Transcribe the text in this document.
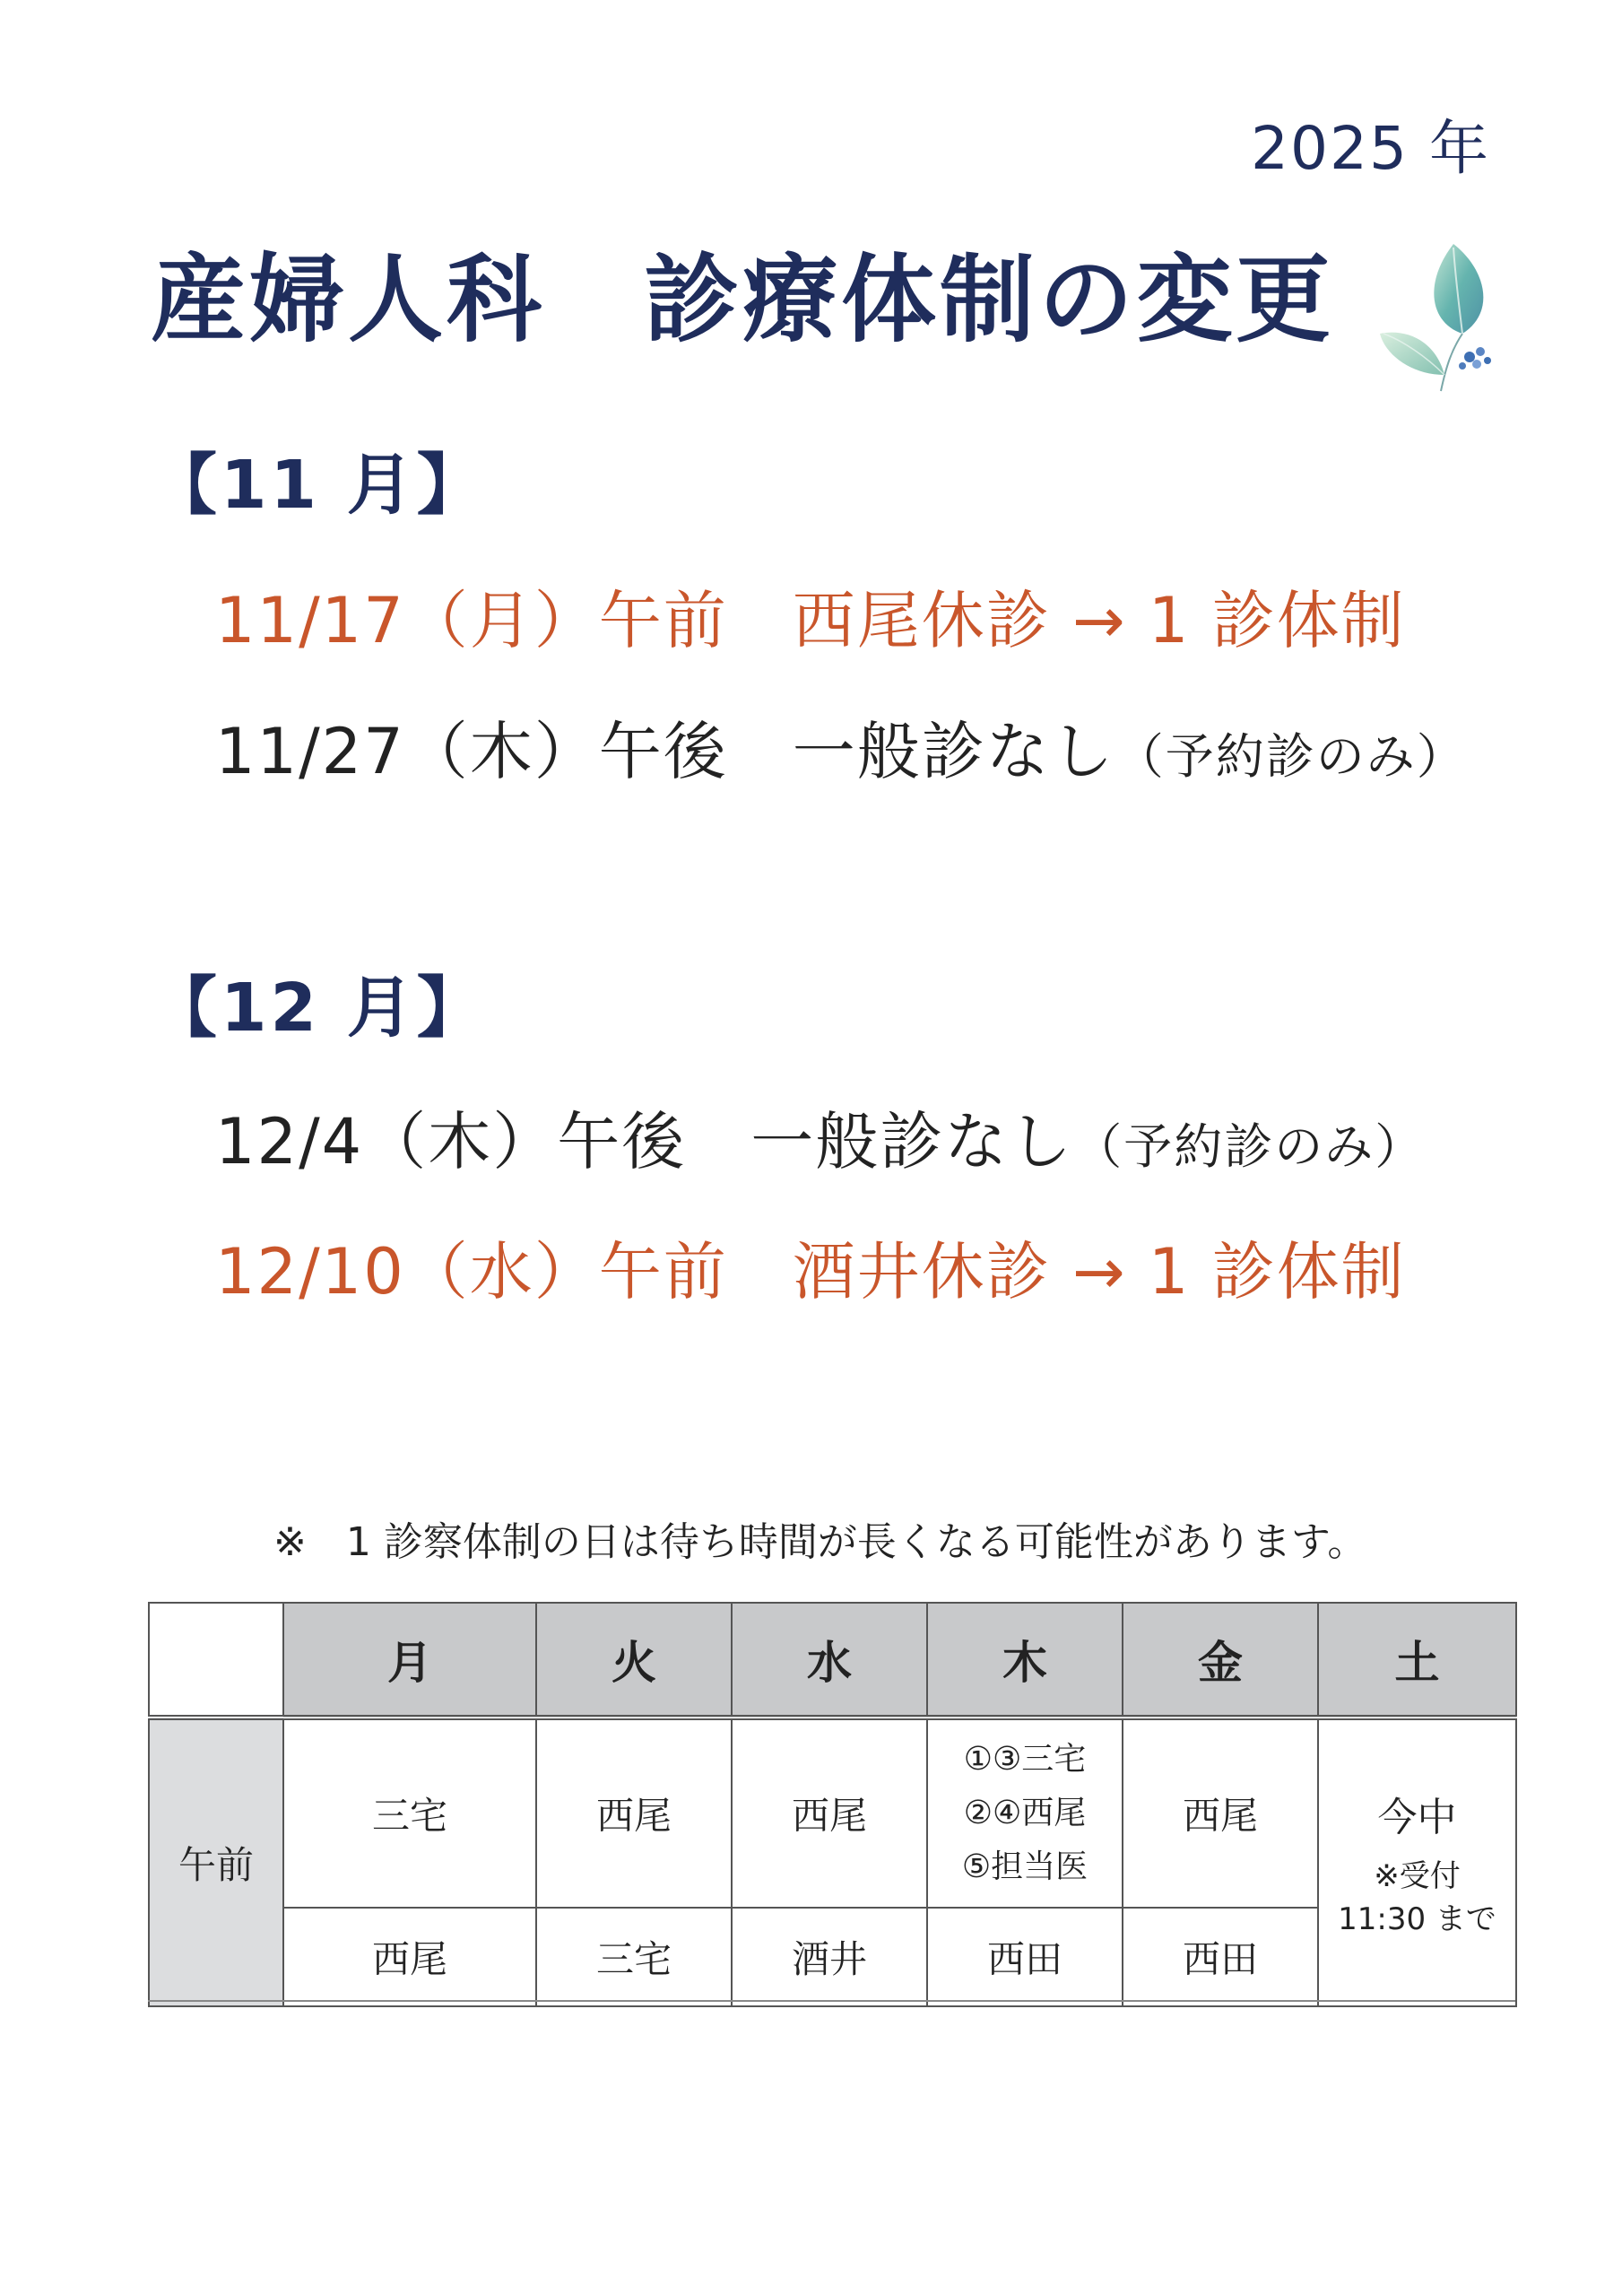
2025 年
産婦人科　診療体制の変更
【11 月】
11/17（月）午前　西尾休診 → 1 診体制
11/27（木）午後　一般診なし（予約診のみ）
【12 月】
12/4（木）午後　一般診なし（予約診のみ）
12/10（水）午前　酒井休診 → 1 診体制
※　1 診察体制の日は待ち時間が長くなる可能性があります。
	月	火	水	木	金	土
午前	三宅	西尾	西尾	①③三宅
②④西尾
⑤担当医	西尾	今中
※受付
11:30 まで

	西尾	三宅	酒井	西田	西田	
